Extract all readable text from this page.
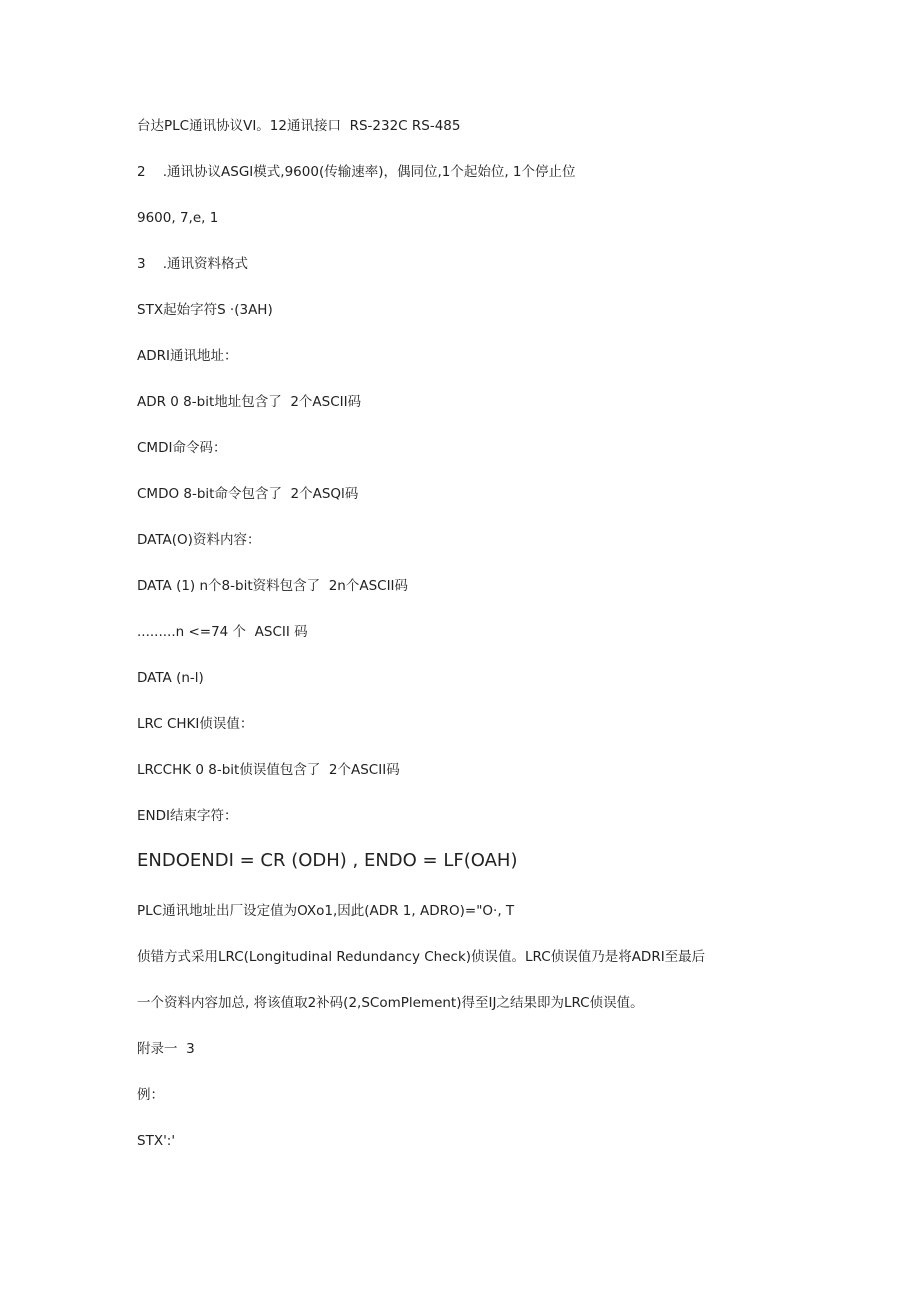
台达PLC通讯协议VI。12通讯接口  RS-232C RS-485

2    .通讯协议ASGI模式,9600(传输速率)，偶同位,1个起始位, 1个停止位

9600, 7,e, 1

3    .通讯资料格式

STX起始字符S ·(3AH)

ADRI通讯地址：

ADR 0 8-bit地址包含了  2个ASCII码

CMDI命令码：

CMDO 8-bit命令包含了  2个ASQl码

DATA(O)资料内容：

DATA (1) n个8-bit资料包含了  2n个ASCII码

.........n <=74 个  ASCII 码

DATA (n-l)

LRC CHKI侦误值：

LRCCHK 0 8-bit侦误值包含了  2个ASCII码

ENDI结束字符：

ENDOENDI = CR (ODH) , ENDO = LF(OAH)

PLC通讯地址出厂设定值为OXo1,因此(ADR 1, ADRO)="O·, T

侦错方式采用LRC(Longitudinal Redundancy Check)侦误值。LRC侦误值乃是将ADRI至最后

一个资料内容加总, 将该值取2补码(2,SComPlement)得至IJ之结果即为LRC侦误值。

附录一  3

例：

STX':'
